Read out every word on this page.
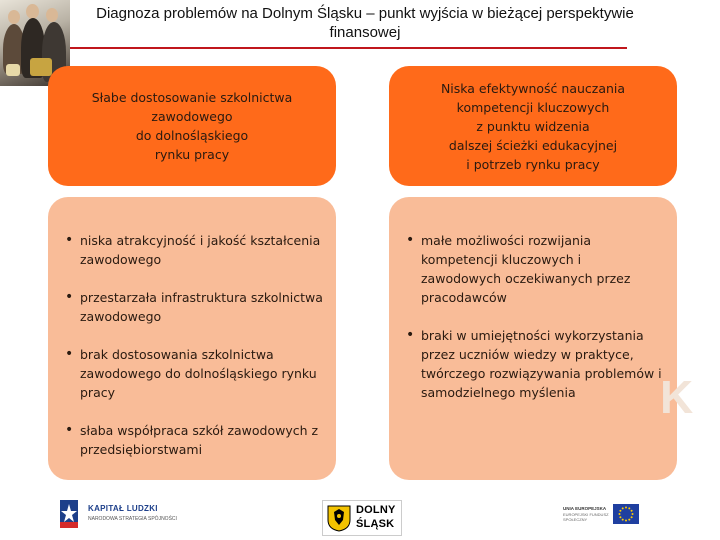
Diagnoza problemów na Dolnym Śląsku – punkt wyjścia w bieżącej perspektywie finansowej
Słabe dostosowanie szkolnictwa
zawodowego
do dolnośląskiego
rynku pracy
Niska efektywność nauczania
kompetencji kluczowych
z punktu widzenia
dalszej ścieżki edukacyjnej
i potrzeb rynku pracy
• niska atrakcyjność i jakość kształcenia zawodowego
• przestarzała infrastruktura szkolnictwa zawodowego
• brak dostosowania szkolnictwa zawodowego do dolnośląskiego rynku pracy
• słaba współpraca szkół zawodowych z przedsiębiorstwami
• małe możliwości rozwijania kompetencji kluczowych i zawodowych oczekiwanych przez pracodawców
• braki w umiejętności wykorzystania przez uczniów wiedzy w praktyce, twórczego rozwiązywania problemów i samodzielnego myślenia	K
KAPITAŁ LUDZKI
NARODOWA STRATEGIA SPÓJNOŚCI
DOLNY
ŚLĄSK
UNIA EUROPEJSKA
EUROPEJSKI FUNDUSZ SPOŁECZNY
